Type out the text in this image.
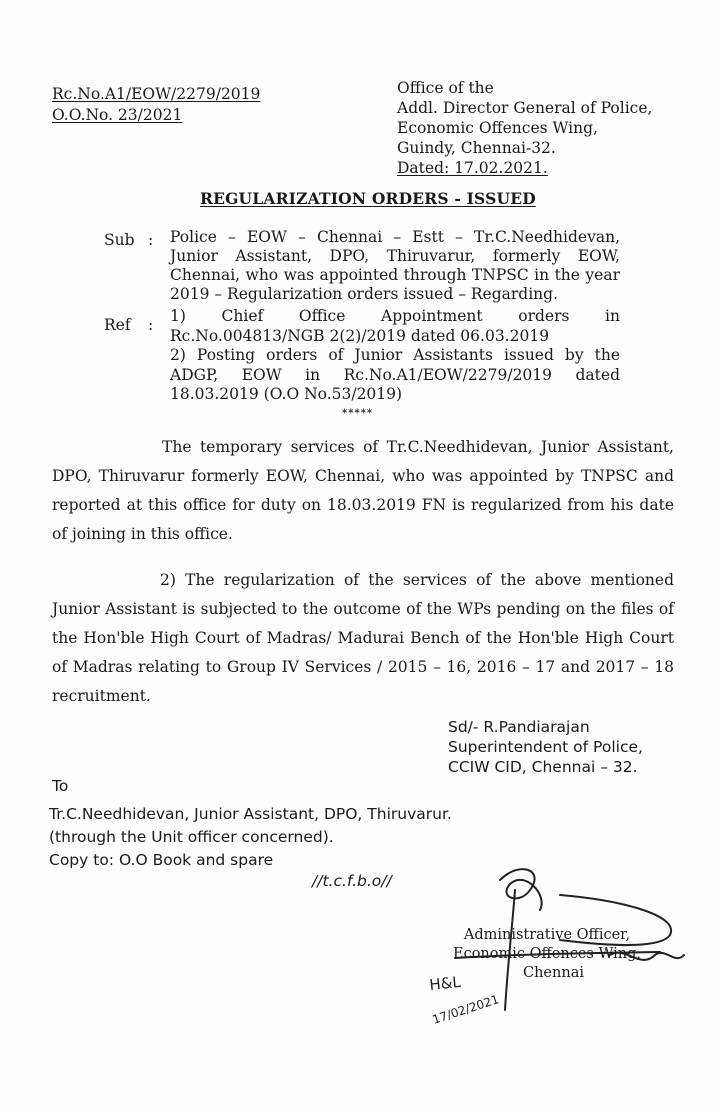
Rc.No.A1/EOW/2279/2019
O.O.No. 23/2021
Office of the
Addl. Director General of Police,
Economic Offences Wing,
Guindy, Chennai-32.
Dated: 17.02.2021.
REGULARIZATION ORDERS - ISSUED
Sub : Police – EOW – Chennai – Estt – Tr.C.Needhidevan, Junior Assistant, DPO, Thiruvarur, formerly EOW, Chennai, who was appointed through TNPSC in the year 2019 – Regularization orders issued – Regarding.
Ref : 1) Chief Office Appointment orders in
Rc.No.004813/NGB 2(2)/2019 dated 06.03.2019
2) Posting orders of Junior Assistants issued by the ADGP, EOW in Rc.No.A1/EOW/2279/2019 dated 18.03.2019 (O.O No.53/2019)
*****
The temporary services of Tr.C.Needhidevan, Junior Assistant, DPO, Thiruvarur formerly EOW, Chennai, who was appointed by TNPSC and reported at this office for duty on 18.03.2019 FN is regularized from his date of joining in this office.
2) The regularization of the services of the above mentioned Junior Assistant is subjected to the outcome of the WPs pending on the files of the Hon'ble High Court of Madras/ Madurai Bench of the Hon'ble High Court of Madras relating to Group IV Services / 2015 – 16, 2016 – 17 and 2017 – 18 recruitment.
Sd/- R.Pandiarajan
Superintendent of Police,
CCIW CID, Chennai – 32.
To
Tr.C.Needhidevan, Junior Assistant, DPO, Thiruvarur.
(through the Unit officer concerned).
Copy to: O.O Book and spare
//t.c.f.b.o//
Administrative Officer,
Economic Offences Wing,
Chennai
H&L
17/02/2021
